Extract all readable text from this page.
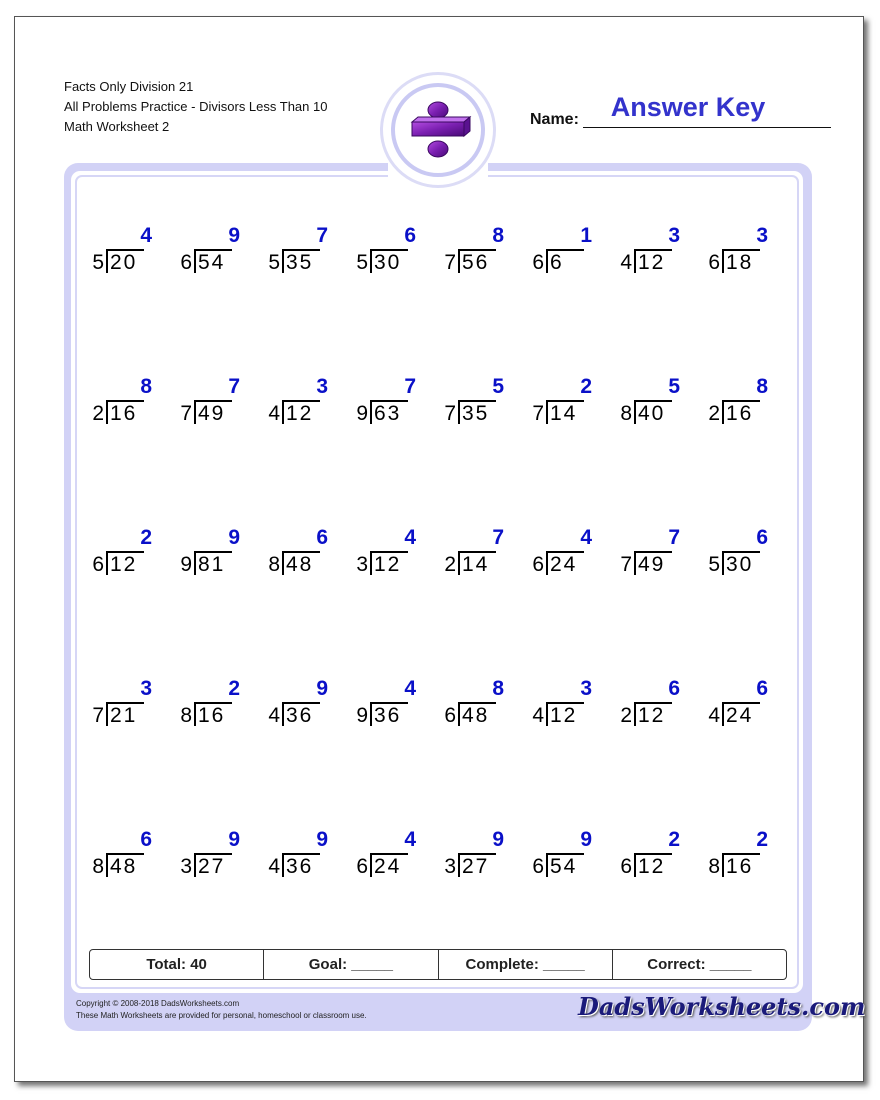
Facts Only Division 21
All Problems Practice - Divisors Less Than 10
Math Worksheet 2	Name:	Answer Key
4
5 20
9
6 54
7
5 35
6
5 30
8
7 56
1
6 6
3
4 12
3
6 18
8
2 16
7
7 49
3
4 12
7
9 63
5
7 35
2
7 14
5
8 40
8
2 16
2
6 12
9
9 81
6
8 48
4
3 12
7
2 14
4
6 24
7
7 49
6
5 30
3
7 21
2
8 16
9
4 36
4
9 36
8
6 48
3
4 12
6
2 12
6
4 24
6
8 48
9
3 27
9
4 36
4
6 24
9
3 27
9
6 54
2
6 12
2
8 16
Total: 40	Goal: _____	Complete: _____	Correct: _____
Copyright © 2008-2018 DadsWorksheets.com
These Math Worksheets are provided for personal, homeschool or classroom use.	DadsWorksheets.com
